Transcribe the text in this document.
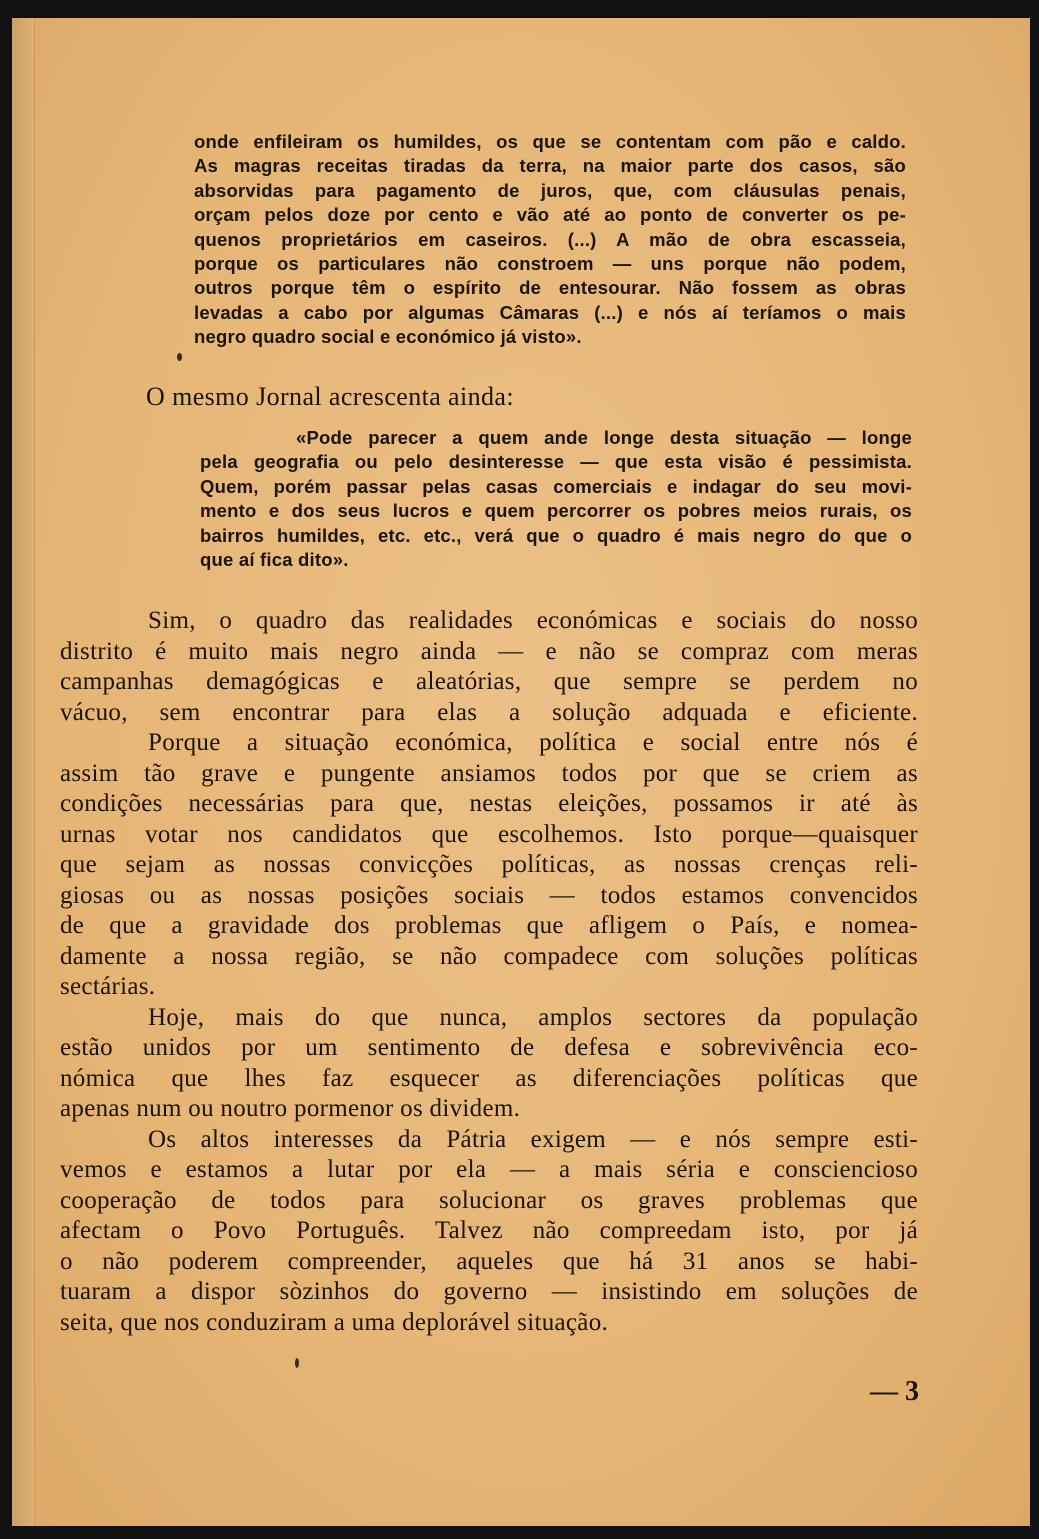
onde enfileiram os humildes, os que se contentam com pão e caldo.
As magras receitas tiradas da terra, na maior parte dos casos, são
absorvidas para pagamento de juros, que, com cláusulas penais,
orçam pelos doze por cento e vão até ao ponto de converter os pe-
quenos proprietários em caseiros. (...) A mão de obra escasseia,
porque os particulares não constroem — uns porque não podem,
outros porque têm o espírito de entesourar. Não fossem as obras
levadas a cabo por algumas Câmaras (...) e nós aí teríamos o mais
negro quadro social e económico já visto».
O mesmo Jornal acrescenta ainda:
«Pode parecer a quem ande longe desta situação — longe
pela geografia ou pelo desinteresse — que esta visão é pessimista.
Quem, porém passar pelas casas comerciais e indagar do seu movi-
mento e dos seus lucros e quem percorrer os pobres meios rurais, os
bairros humildes, etc. etc., verá que o quadro é mais negro do que o
que aí fica dito».

Sim, o quadro das realidades económicas e sociais do nosso
distrito é muito mais negro ainda — e não se compraz com meras
campanhas demagógicas e aleatórias, que sempre se perdem no
vácuo, sem encontrar para elas a solução adquada e eficiente.

Porque a situação económica, política e social entre nós é
assim tão grave e pungente ansiamos todos por que se criem as
condições necessárias para que, nestas eleições, possamos ir até às
urnas votar nos candidatos que escolhemos. Isto porque—quaisquer
que sejam as nossas convicções políticas, as nossas crenças reli-
giosas ou as nossas posições sociais — todos estamos convencidos
de que a gravidade dos problemas que afligem o País, e nomea-
damente a nossa região, se não compadece com soluções políticas
sectárias.

Hoje, mais do que nunca, amplos sectores da população
estão unidos por um sentimento de defesa e sobrevivência eco-
nómica que lhes faz esquecer as diferenciações políticas que
apenas num ou noutro pormenor os dividem.

Os altos interesses da Pátria exigem — e nós sempre esti-
vemos e estamos a lutar por ela — a mais séria e consciencioso
cooperação de todos para solucionar os graves problemas que
afectam o Povo Português. Talvez não compreedam isto, por já
o não poderem compreender, aqueles que há 31 anos se habi-
tuaram a dispor sòzinhos do governo — insistindo em soluções de
seita, que nos conduziram a uma deplorável situação.

— 3
